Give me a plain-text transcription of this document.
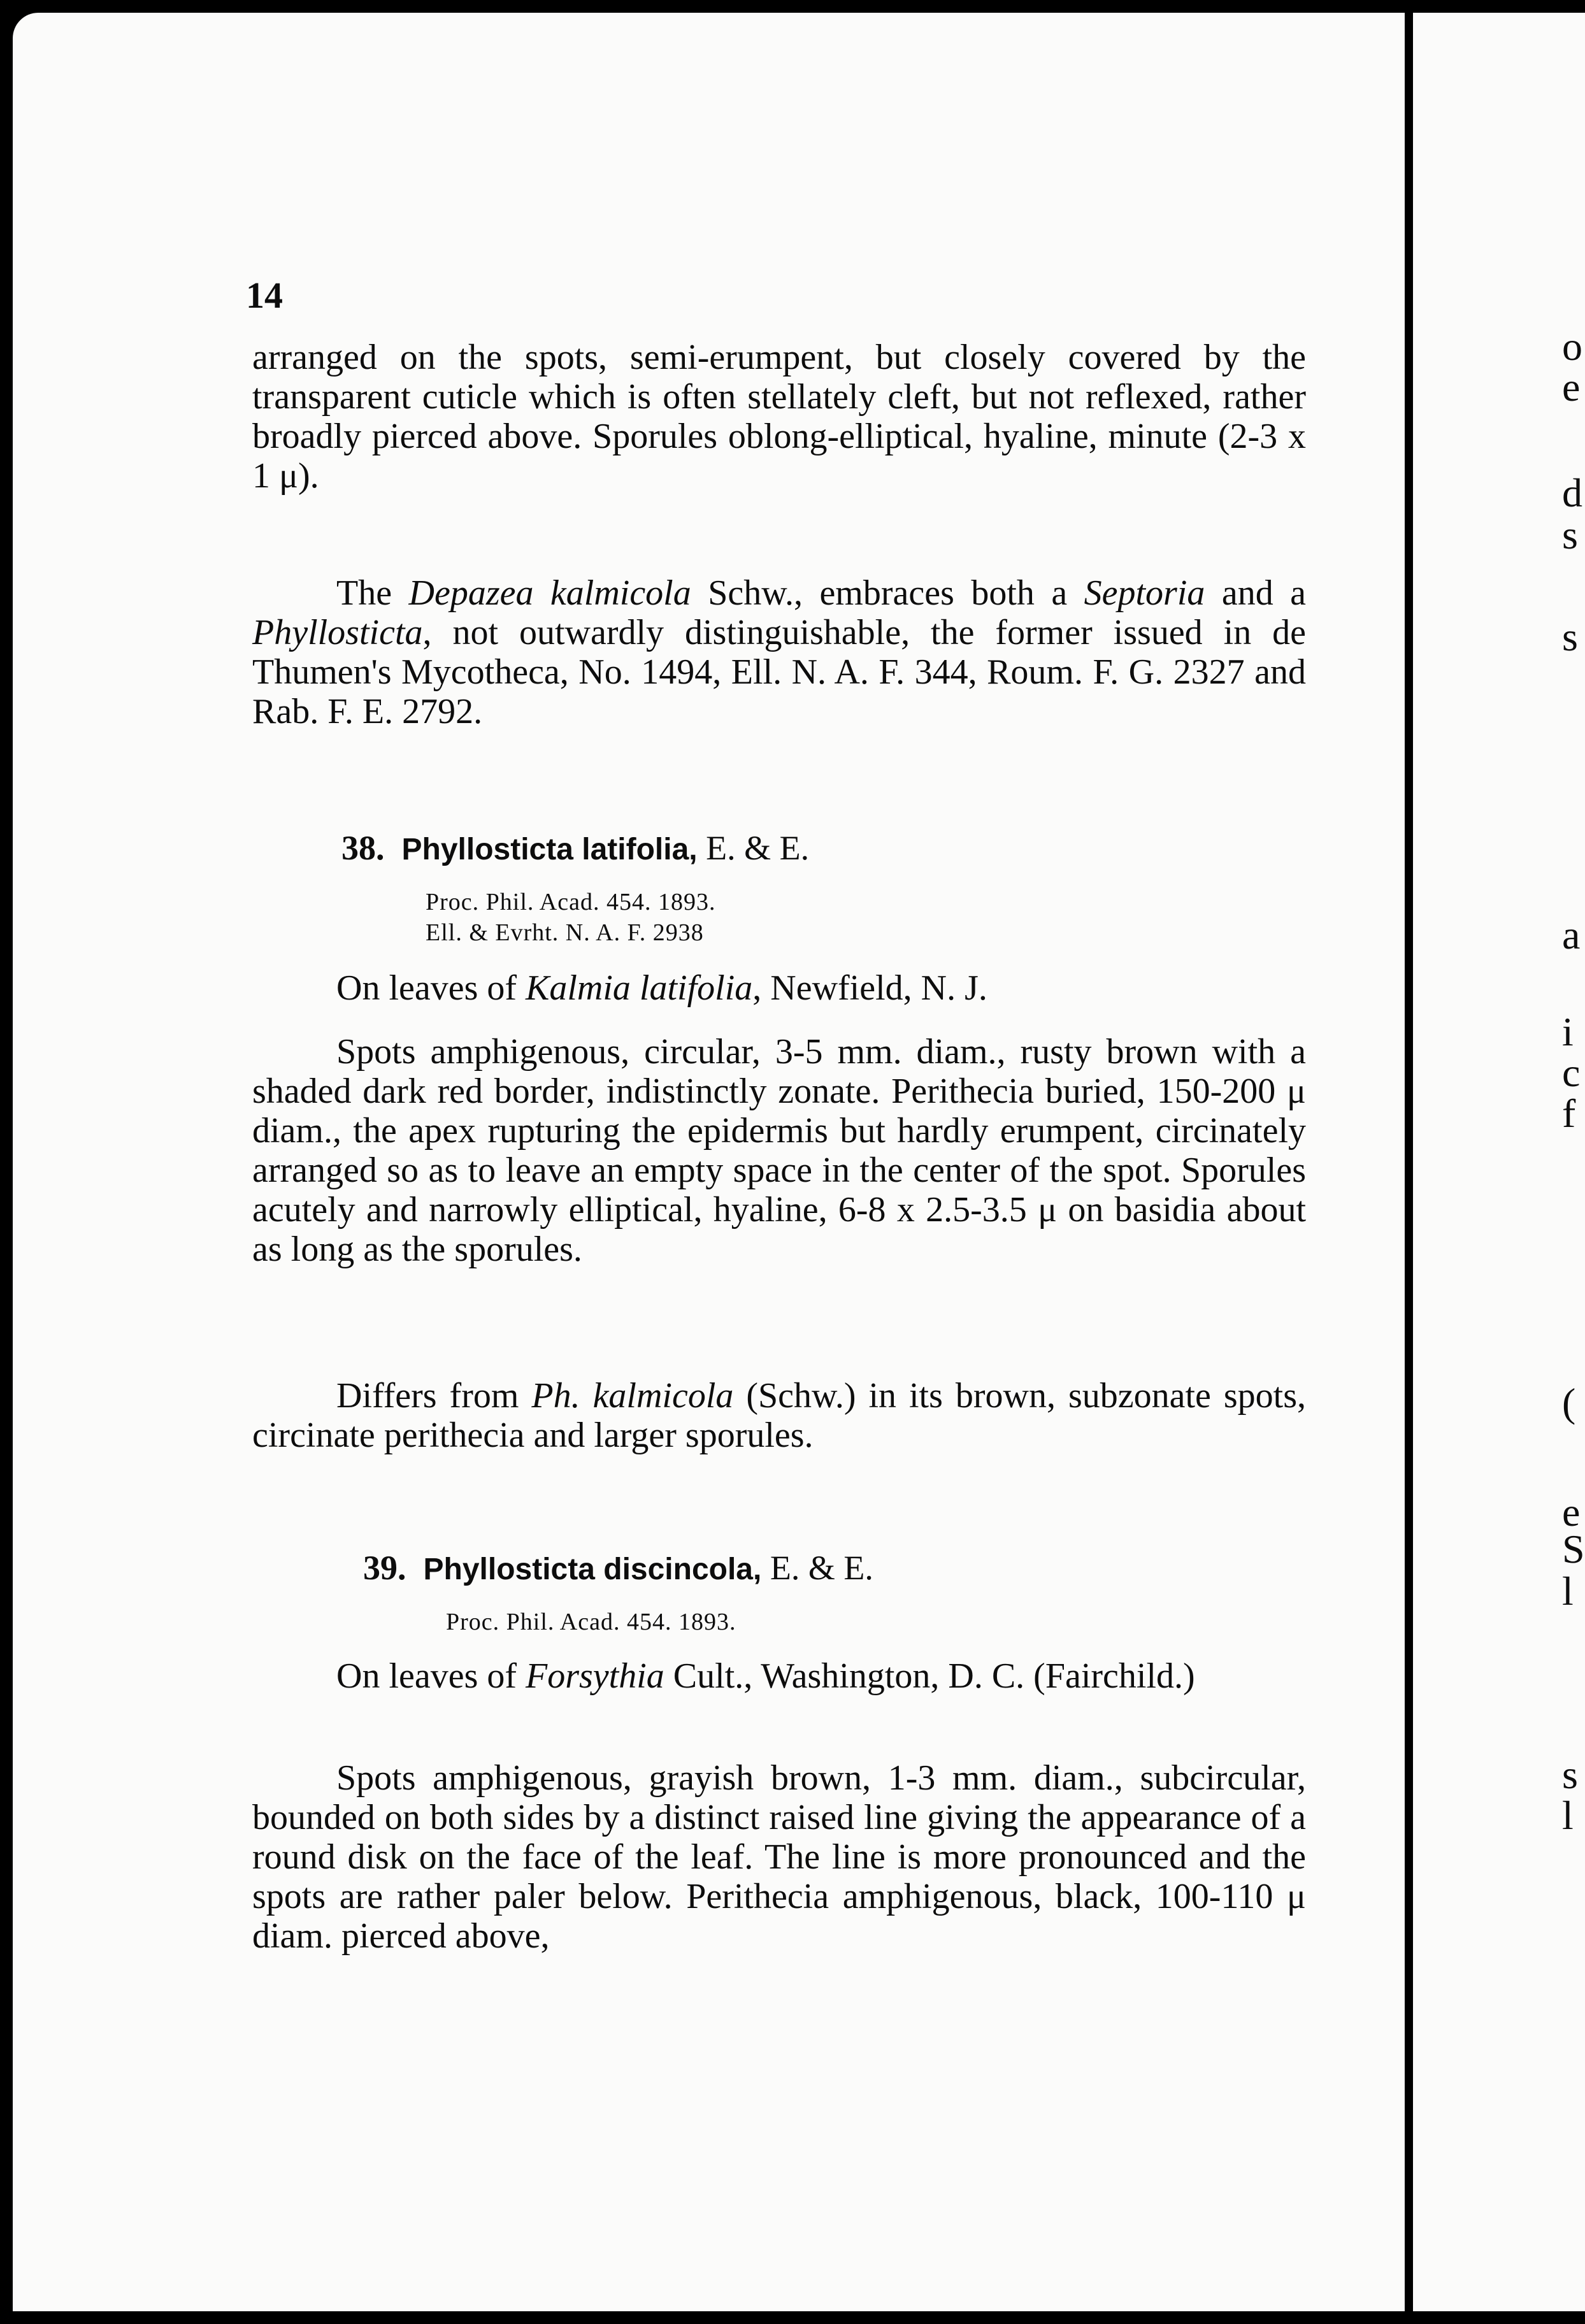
o
e
d
s
s
a
i
c
f
(
e
S
l
s
l
14

arranged on the spots, semi-erumpent, but closely covered by the transparent cuticle which is often stellately cleft, but not reflexed, rather broadly pierced above. Sporules oblong-elliptical, hyaline, minute (2-3 x 1 μ).

The Depazea kalmicola Schw., embraces both a Septoria and a Phyllosticta, not outwardly distinguishable, the former issued in de Thumen's Mycotheca, No. 1494, Ell. N. A. F. 344, Roum. F. G. 2327 and Rab. F. E. 2792.

38. Phyllosticta latifolia, E. & E.

Proc. Phil. Acad. 454. 1893.

Ell. & Evrht. N. A. F. 2938

On leaves of Kalmia latifolia, Newfield, N. J.

Spots amphigenous, circular, 3-5 mm. diam., rusty brown with a shaded dark red border, indistinctly zonate. Perithecia buried, 150-200 μ diam., the apex rupturing the epidermis but hardly erumpent, circinately arranged so as to leave an empty space in the center of the spot. Sporules acutely and narrowly elliptical, hyaline, 6-8 x 2.5-3.5 μ on basidia about as long as the sporules.

Differs from Ph. kalmicola (Schw.) in its brown, subzonate spots, circinate perithecia and larger sporules.

39. Phyllosticta discincola, E. & E.

Proc. Phil. Acad. 454. 1893.

On leaves of Forsythia Cult., Washington, D. C. (Fairchild.)

Spots amphigenous, grayish brown, 1-3 mm. diam., subcircular, bounded on both sides by a distinct raised line giving the appearance of a round disk on the face of the leaf. The line is more pronounced and the spots are rather paler below. Perithecia amphigenous, black, 100-110 μ diam. pierced above,
